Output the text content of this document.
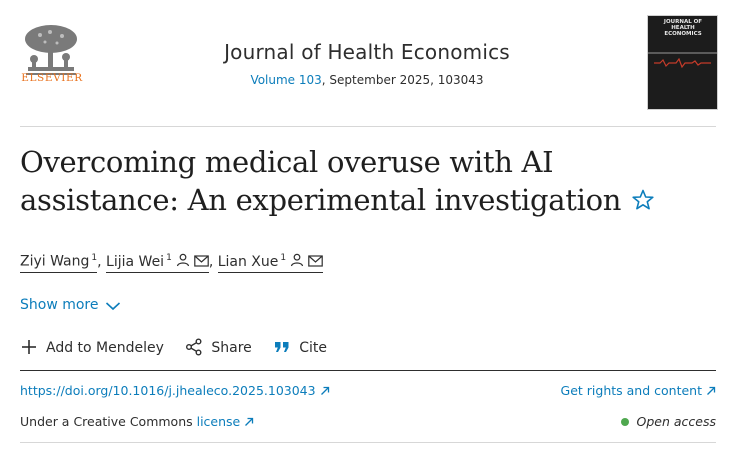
ELSEVIER
Journal of Health Economics
Volume 103, September 2025, 103043
JOURNAL OF HEALTH ECONOMICS
Overcoming medical overuse with AI assistance: An experimental investigation
Ziyi Wang $^1$, Lijia Wei $^1$	, Lian Xue $^1$
Show more
Add to Mendeley	Share	Cite
https://doi.org/10.1016/j.jhealeco.2025.103043	Get rights and content
Under a Creative Commons license	Open access
